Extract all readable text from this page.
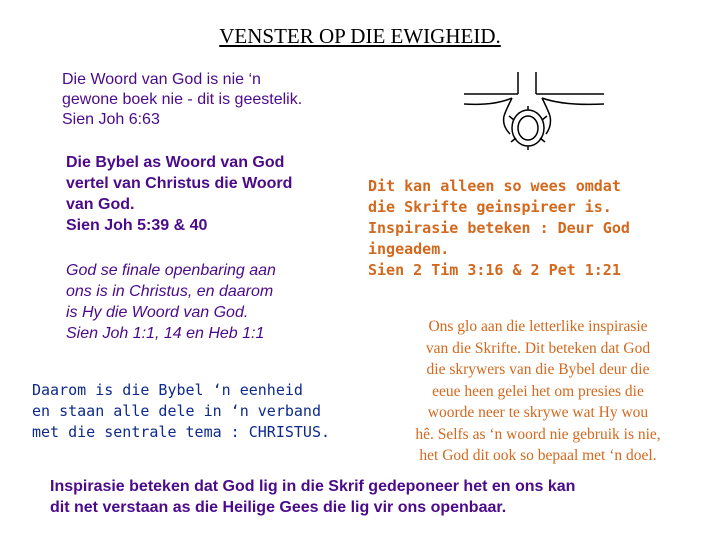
VENSTER OP DIE EWIGHEID.
Die Woord van God is nie ‘n
gewone boek nie - dit is geestelik.
Sien Joh 6:63
Die Bybel as Woord van God
vertel van Christus die Woord
van God.
Sien Joh 5:39 & 40
God se finale openbaring aan
ons is in Christus, en daarom
is Hy die Woord van God.
Sien Joh 1:1, 14 en Heb 1:1
Daarom is die Bybel ‘n eenheid
en staan alle dele in ‘n verband
met die sentrale tema : CHRISTUS.
Dit kan alleen so wees omdat
die Skrifte geinspireer is.
Inspirasie beteken : Deur God
ingeadem.
Sien 2 Tim 3:16 & 2 Pet 1:21
Ons glo aan die letterlike inspirasie
van die Skrifte. Dit beteken dat God
die skrywers van die Bybel deur die
eeue heen gelei het om presies die
woorde neer te skrywe wat Hy wou
hê. Selfs as ‘n woord nie gebruik is nie,
het God dit ook so bepaal met ‘n doel.
Inspirasie beteken dat God lig in die Skrif gedeponeer het en ons kan
dit net verstaan as die Heilige Gees die lig vir ons openbaar.
